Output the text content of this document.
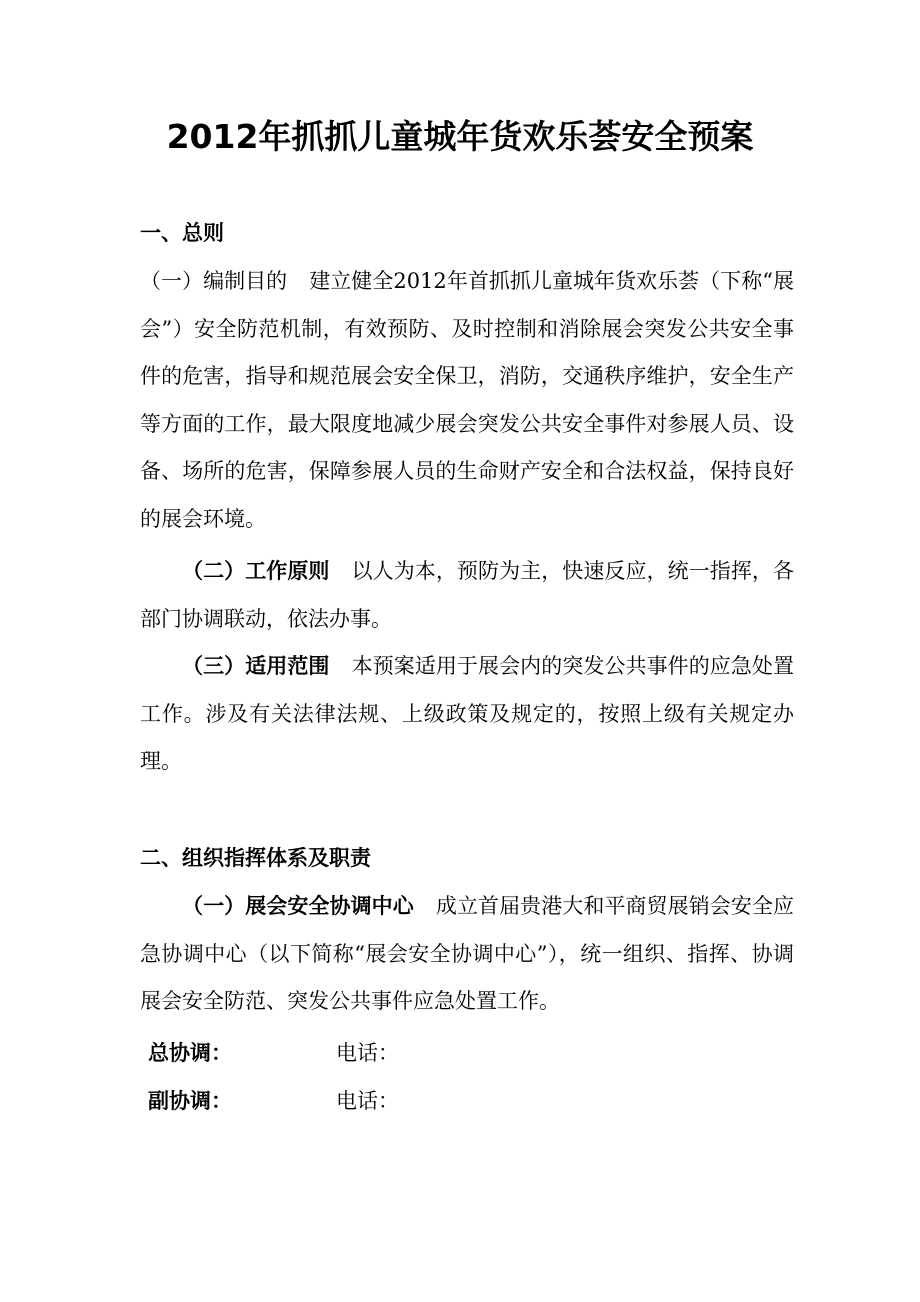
2012年抓抓儿童城年货欢乐荟安全预案
一、总则

（一）编制目的 建立健全2012年首抓抓儿童城年货欢乐荟（下称“展会”）安全防范机制，有效预防、及时控制和消除展会突发公共安全事件的危害，指导和规范展会安全保卫，消防，交通秩序维护，安全生产等方面的工作，最大限度地减少展会突发公共安全事件对参展人员、设备、场所的危害，保障参展人员的生命财产安全和合法权益，保持良好的展会环境。

（二）工作原则 以人为本，预防为主，快速反应，统一指挥，各部门协调联动，依法办事。

（三）适用范围 本预案适用于展会内的突发公共事件的应急处置工作。涉及有关法律法规、上级政策及规定的，按照上级有关规定办理。

二、组织指挥体系及职责

（一）展会安全协调中心 成立首届贵港大和平商贸展销会安全应急协调中心（以下简称“展会安全协调中心”），统一组织、指挥、协调展会安全防范、突发公共事件应急处置工作。

总协调：	电话：
副协调：	电话：
